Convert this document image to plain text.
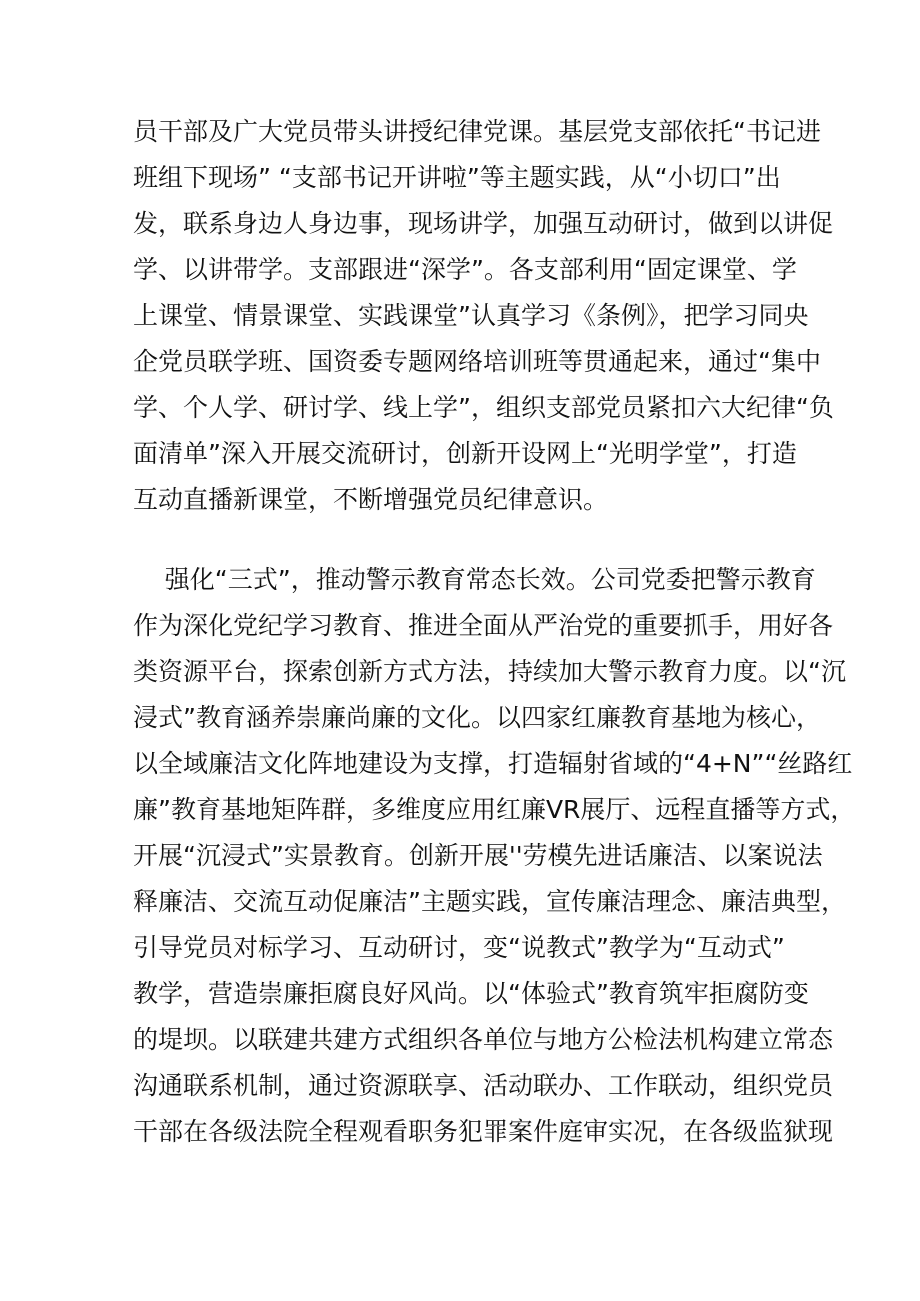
员干部及广大党员带头讲授纪律党课。基层党支部依托“书记进
班组下现场” “支部书记开讲啦”等主题实践，从“小切口”出
发，联系身边人身边事，现场讲学，加强互动研讨，做到以讲促
学、以讲带学。支部跟进“深学”。各支部利用“固定课堂、学
上课堂、情景课堂、实践课堂”认真学习《条例》，把学习同央
企党员联学班、国资委专题网络培训班等贯通起来，通过“集中
学、个人学、研讨学、线上学”，组织支部党员紧扣六大纪律“负
面清单”深入开展交流研讨，创新开设网上“光明学堂”，打造
互动直播新课堂，不断增强党员纪律意识。
强化“三式”，推动警示教育常态长效。公司党委把警示教育
作为深化党纪学习教育、推进全面从严治党的重要抓手，用好各
类资源平台，探索创新方式方法，持续加大警示教育力度。以“沉
浸式”教育涵养崇廉尚廉的文化。以四家红廉教育基地为核心，
以全域廉洁文化阵地建设为支撑，打造辐射省域的“4+N”“丝路红
廉”教育基地矩阵群，多维度应用红廉VR展厅、远程直播等方式，
开展“沉浸式”实景教育。创新开展''劳模先进话廉洁、以案说法
释廉洁、交流互动促廉洁”主题实践，宣传廉洁理念、廉洁典型，
引导党员对标学习、互动研讨，变“说教式”教学为“互动式”
教学，营造崇廉拒腐良好风尚。以“体验式”教育筑牢拒腐防变
的堤坝。以联建共建方式组织各单位与地方公检法机构建立常态
沟通联系机制，通过资源联享、活动联办、工作联动，组织党员
干部在各级法院全程观看职务犯罪案件庭审实况，在各级监狱现
